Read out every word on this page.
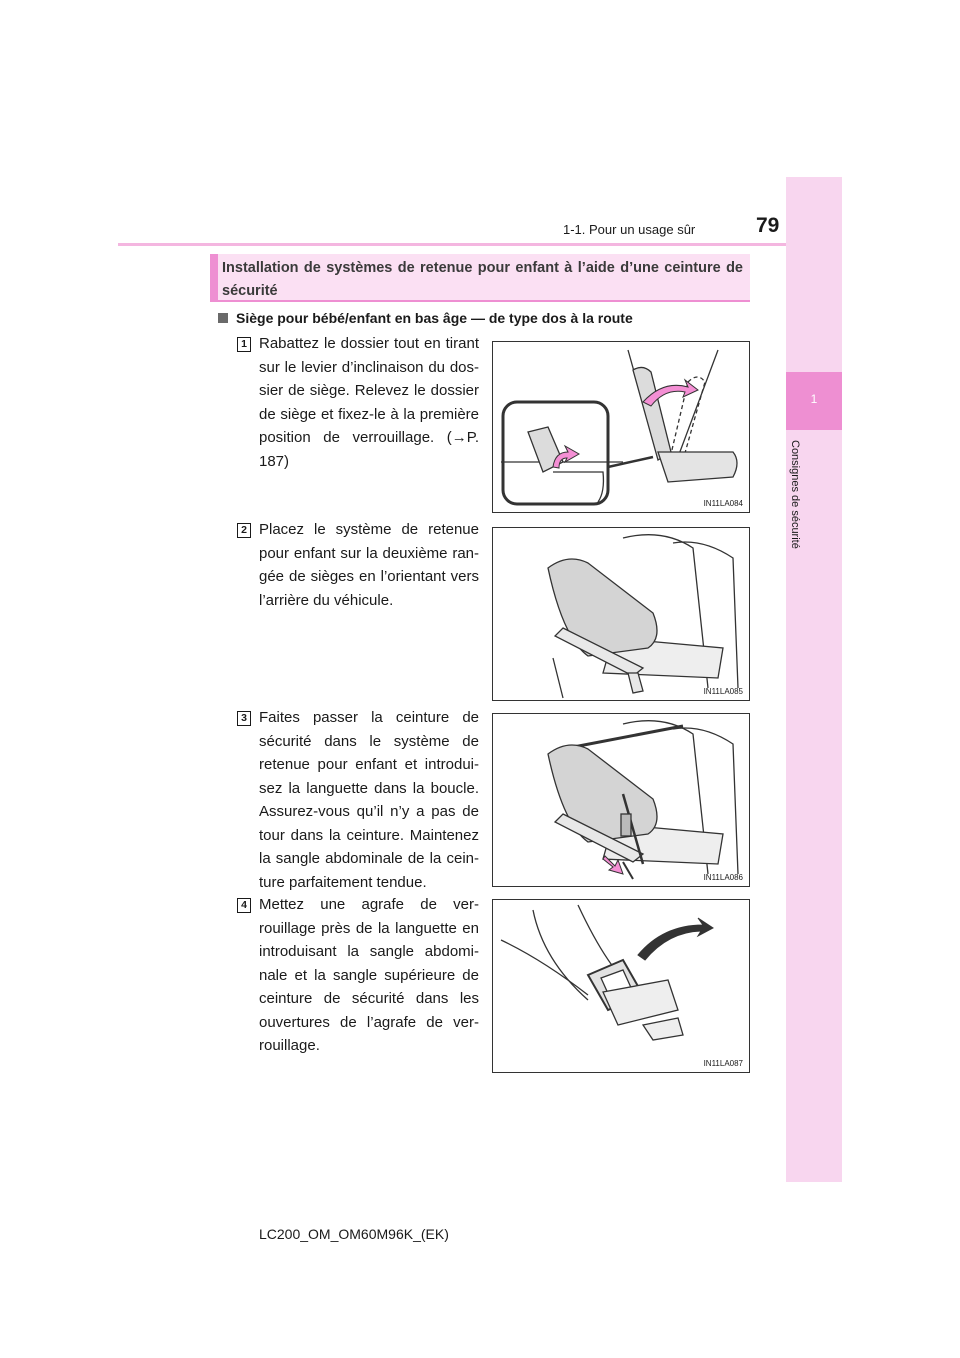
1-1. Pour un usage sûr	79
1
Consignes de sécurité
Installation de systèmes de retenue pour enfant à l’aide d’une ceinture de sécurité
Siège pour bébé/enfant en bas âge — de type dos à la route
1 Rabattez le dossier tout en tirant sur le levier d’inclinaison du dos-sier de siège. Relevez le dossier de siège et fixez-le à la première position de verrouillage. (→P. 187)
IN11LA084
2 Placez le système de retenue pour enfant sur la deuxième ran-gée de sièges en l’orientant vers l’arrière du véhicule.
IN11LA085
3 Faites passer la ceinture de sécurité dans le système de retenue pour enfant et introdui-sez la languette dans la boucle. Assurez-vous qu’il n’y a pas de tour dans la ceinture. Maintenez la sangle abdominale de la cein-ture parfaitement tendue.	IN11LA086
4 Mettez une agrafe de ver-rouillage près de la languette en introduisant la sangle abdomi-nale et la sangle supérieure de ceinture de sécurité dans les ouvertures de l’agrafe de ver-rouillage.
IN11LA087
LC200_OM_OM60M96K_(EK)
